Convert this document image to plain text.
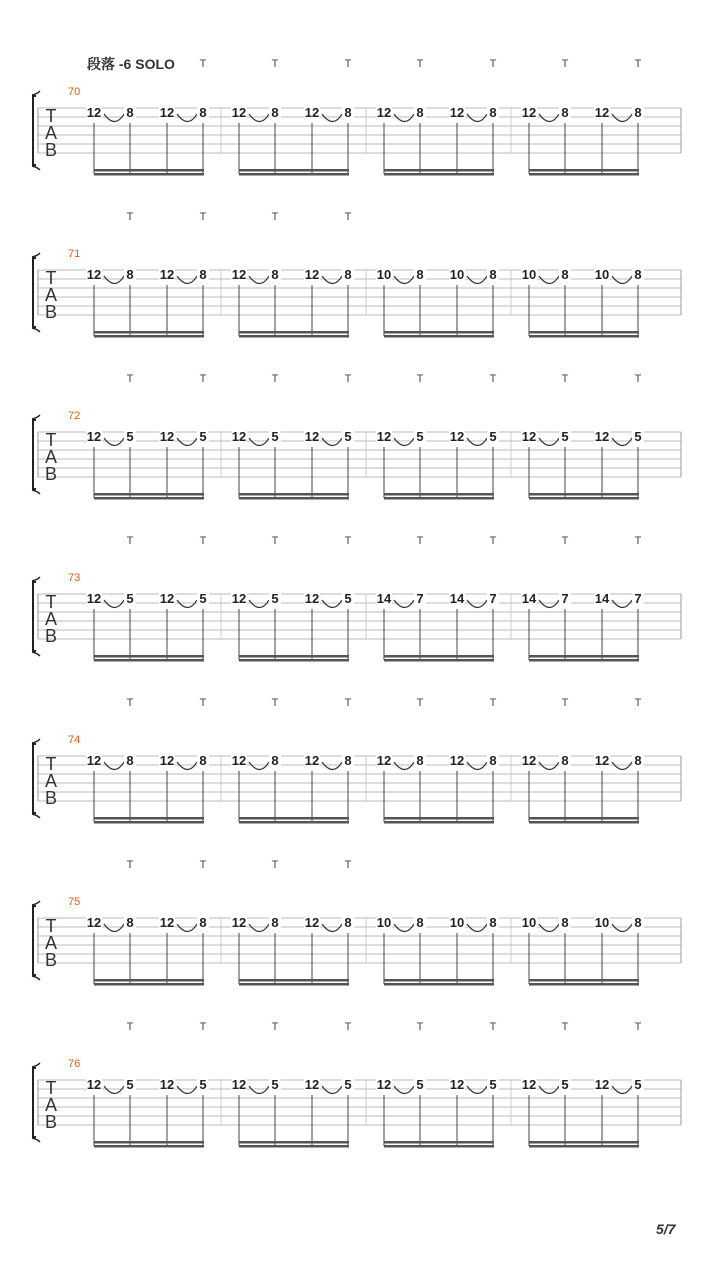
段落 -6 SOLO T	T	T	T	T	T	T
70
T
A
B
12 8 12 8 12 8 12 8 12 8 12 8 12 8 12 8
T	T	T	T
71
T
A
B
12 8 12 8 12 8 12 8 10 8 10 8 10 8 10 8
T	T	T	T	T	T	T	T
72
T
A
B
12 5 12 5 12 5 12 5 12 5 12 5 12 5 12 5
T	T	T	T	T	T	T	T
73
T
A
B
12 5 12 5 12 5 12 5 14 7 14 7 14 7 14 7
T	T	T	T	T	T	T	T
74
T
A
B
12 8 12 8 12 8 12 8 12 8 12 8 12 8 12 8
T	T	T	T
75
T
A
B
12 8 12 8 12 8 12 8 10 8 10 8 10 8 10 8
T	T	T	T	T	T	T	T
76
T
A
B
12 5 12 5 12 5 12 5 12 5 12 5 12 5 12 5
5/7
